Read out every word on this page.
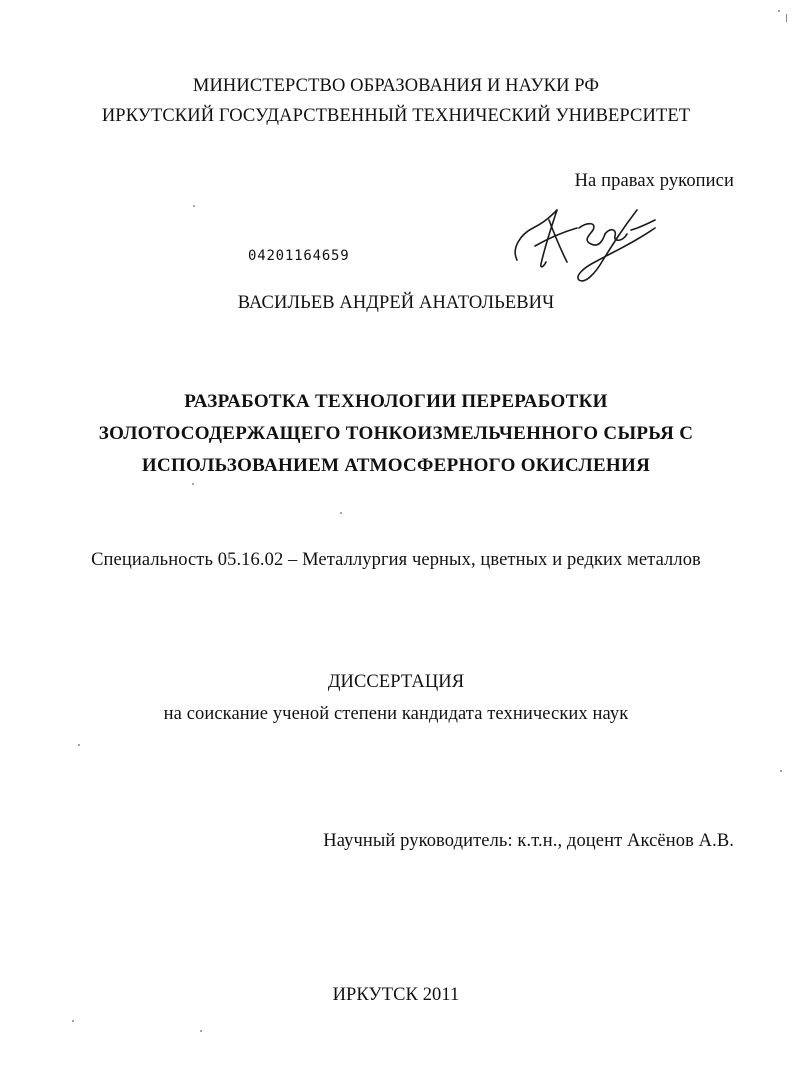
МИНИСТЕРСТВО ОБРАЗОВАНИЯ И НАУКИ РФ
ИРКУТСКИЙ ГОСУДАРСТВЕННЫЙ ТЕХНИЧЕСКИЙ УНИВЕРСИТЕТ
На правах рукописи
04201164659
ВАСИЛЬЕВ АНДРЕЙ АНАТОЛЬЕВИЧ
РАЗРАБОТКА ТЕХНОЛОГИИ ПЕРЕРАБОТКИ
ЗОЛОТОСОДЕРЖАЩЕГО ТОНКОИЗМЕЛЬЧЕННОГО СЫРЬЯ С
ИСПОЛЬЗОВАНИЕМ АТМОСФЕРНОГО ОКИСЛЕНИЯ
Специальность 05.16.02 – Металлургия черных, цветных и редких металлов
ДИССЕРТАЦИЯ
на соискание ученой степени кандидата технических наук
Научный руководитель: к.т.н., доцент Аксёнов А.В.
ИРКУТСК 2011
